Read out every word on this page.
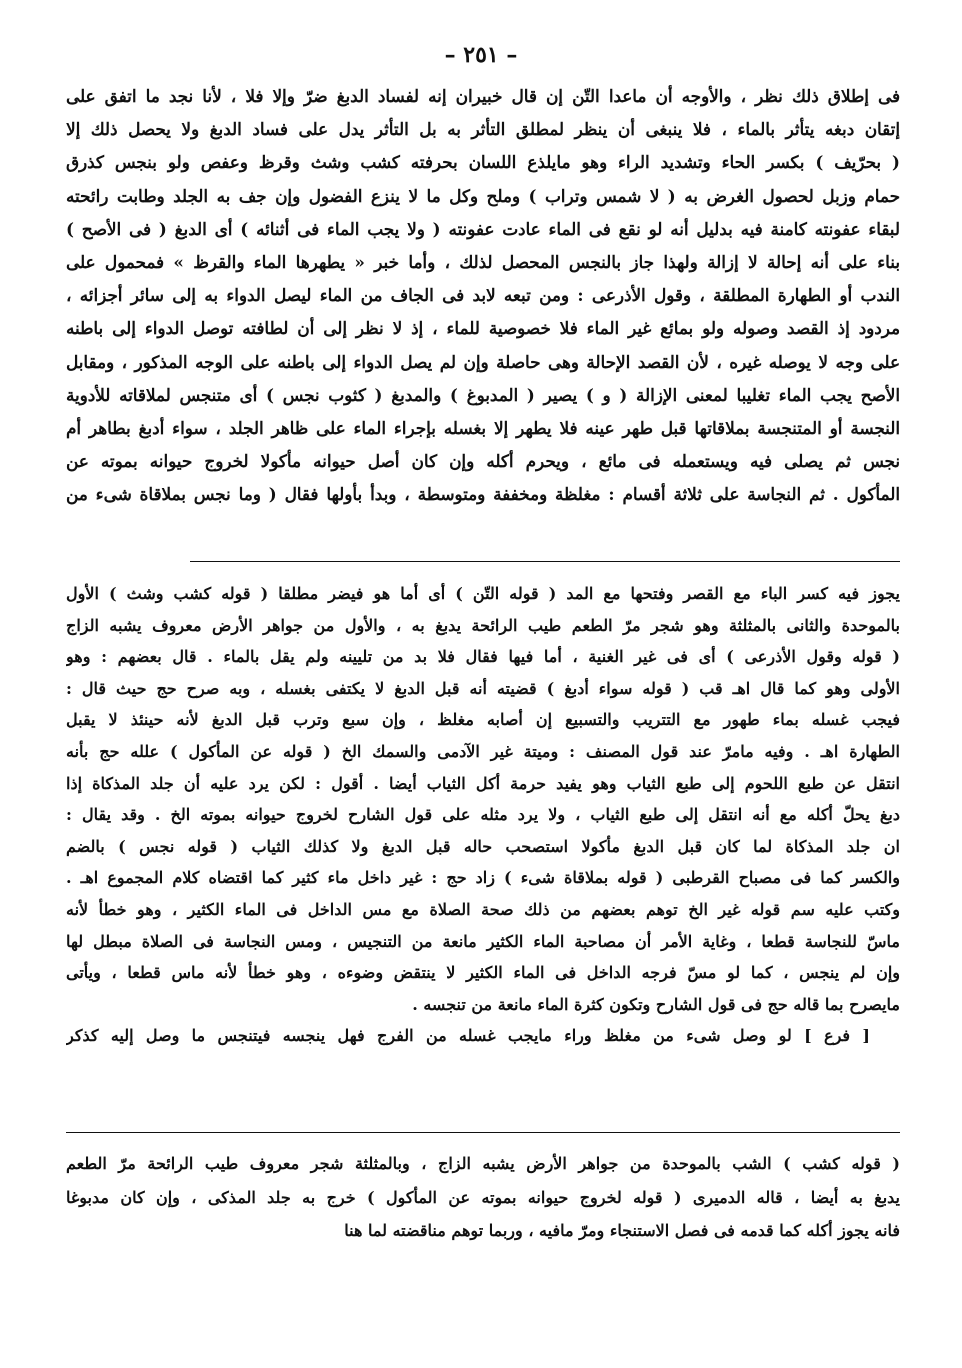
– ٢٥١ –
فى إطلاق ذلك نظر ، والأوجه أن ماعدا التّن إن قال خبيران إنه لفساد الدبغ ضرّ وإلا فلا ، لأنا نجد ما اتفق على
إتقان دبغه يتأثر بالماء ، فلا ينبغى أن ينظر لمطلق التأثر به بل التأثر يدل على فساد الدبغ ولا يحصل ذلك إلا
( بحرّيف ) بكسر الحاء وتشديد الراء وهو مايلذع اللسان بحرفته كشب وشث وقرظ وعفص ولو بنجس كذرق
حمام وزبل لحصول الغرض به ( لا شمس وتراب ) وملح وكل ما لا ينزع الفضول وإن جف به الجلد وطابت رائحته
لبقاء عفونته كامنة فيه بدليل أنه لو نقع فى الماء عادت عفونته ( ولا يجب الماء فى أثنائه ) أى الدبغ ( فى الأصح )
بناء على أنه إحالة لا إزالة ولهذا جاز بالنجس المحصل لذلك ، وأما خبر « يطهرها الماء والقرظ » فمحمول على
الندب أو الطهارة المطلقة ، وقول الأذرعى : ومن تبعه لابد فى الجاف من الماء ليصل الدواء به إلى سائر أجزائه ،
مردود إذ القصد وصوله ولو بمائع غير الماء فلا خصوصية للماء ، إذ لا نظر إلى أن لطافته توصل الدواء إلى باطنه
على وجه لا يوصله غيره ، لأن القصد الإحالة وهى حاصلة وإن لم يصل الدواء إلى باطنه على الوجه المذكور ، ومقابل
الأصح يجب الماء تغليبا لمعنى الإزالة ( و ) يصير ( المدبوغ ) والمدبغ ( كثوب نجس ) أى متنجس لملاقاته للأدوية
النجسة أو المتنجسة بملاقاتها قبل طهر عينه فلا يطهر إلا بغسله بإجراء الماء على ظاهر الجلد ، سواء أدبغ بطاهر أم
نجس ثم يصلى فيه ويستعمله فى مائع ، ويحرم أكله وإن كان أصل حيوانه مأكولا لخروج حيوانه بموته عن
المأكول . ثم النجاسة على ثلاثة أقسام : مغلظة ومخففة ومتوسطة ، وبدأ بأولها فقال ( وما نجس بملاقاة شىء من
يجوز فيه كسر الباء مع القصر وفتحها مع المد ( قوله التّن ) أى أما هو فيضر مطلقا ( قوله كشب وشث ) الأول
بالموحدة والثانى بالمثلثة وهو شجر مرّ الطعم طيب الرائحة يدبغ به ، والأول من جواهر الأرض معروف يشبه الزاج
( قوله وقول الأذرعى ) أى فى غير الغنية ، أما فيها فقال فلا بد من تليينه ولم يقل بالماء . قال بعضهم : وهو
الأولى وهو كما قال اهـ قب ( قوله سواء أدبغ ) قضيته أنه قبل الدبغ لا يكتفى بغسله ، وبه صرح حج حيث قال :
فيجب غسله بماء طهور مع التتريب والتسبيع إن أصابه مغلظ ، وإن سبع وترب قبل الدبغ لأنه حينئذ لا يقبل
الطهارة اهـ . وفيه مامرّ عند قول المصنف : وميتة غير الآدمى والسمك الخ ( قوله عن المأكول ) علله حج بأنه
انتقل عن طبع اللحوم إلى طبع الثياب وهو يفيد حرمة أكل الثياب أيضا . أقول : لكن يرد عليه أن جلد المذكاة إذا
دبغ يحلّ أكله مع أنه انتقل إلى طبع الثياب ، ولا يرد مثله على قول الشارح لخروج حيوانه بموته الخ . وقد يقال :
ان جلد المذكاة لما كان قبل الدبغ مأكولا استصحب حاله قبل الدبغ ولا كذلك الثياب ( قوله نجس ) بالضم
والكسر كما فى مصباح القرطبى ( قوله بملاقاة شىء ) زاد حج : غير داخل ماء كثير كما اقتضاه كلام المجموع اهـ .
وكتب عليه سم قوله غير الخ توهم بعضهم من ذلك صحة الصلاة مع مس الداخل فى الماء الكثير ، وهو خطأ لأنه
ماسّ للنجاسة قطعا ، وغاية الأمر أن مصاحبة الماء الكثير مانعة من التنجيس ، ومس النجاسة فى الصلاة مبطل لها
وإن لم ينجس ، كما لو مسّ فرجه الداخل فى الماء الكثير لا ينتقض وضوءه ، وهو خطأ لأنه ماس قطعا ، ويأتى
مايصرح بما قاله حج فى قول الشارح وتكون كثرة الماء مانعة من تنجسه .
[ فرع ] لو وصل شىء من مغلظ وراء مايجب غسله من الفرج فهل ينجسه فيتنجس ما وصل إليه كذكر
( قوله كشب ) الشب بالموحدة من جواهر الأرض يشبه الزاج ، وبالمثلثة شجر معروف طيب الرائحة مرّ الطعم
يدبغ به أيضا ، قاله الدميرى ( قوله لخروج حيوانه بموته عن المأكول ) خرج به جلد المذكى ، وإن كان مدبوغا
فانه يجوز أكله كما قدمه فى فصل الاستنجاء ومرّ مافيه ، وربما توهم مناقضته لما هنا
